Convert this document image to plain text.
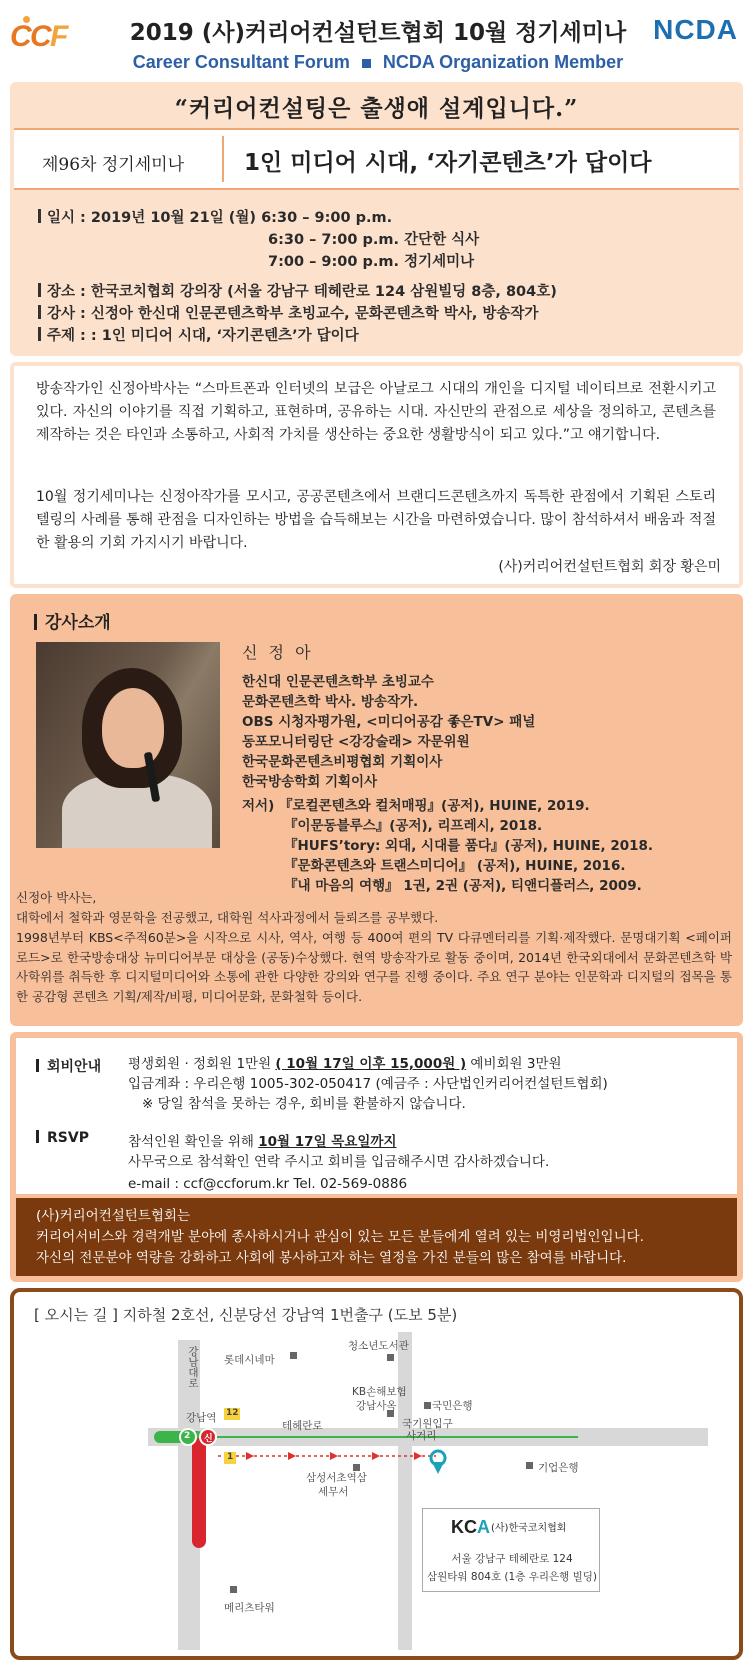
C
C
F	2019 (사)커리어컨설턴트협회 10월 정기세미나 NCDA
Career Consultant Forum NCDA Organization Member
“커리어컨설팅은 출생애 설계입니다.”
제96차 정기세미나	1인 미디어 시대, ‘자기콘텐츠’가 답이다
일시 : 2019년 10월 21일 (월) 6:30 – 9:00 p.m.
6:30 – 7:00 p.m. 간단한 식사
7:00 – 9:00 p.m. 정기세미나
장소 : 한국코치협회 강의장 (서울 강남구 테헤란로 124 삼원빌딩 8층, 804호)
강사 : 신정아 한신대 인문콘텐츠학부 초빙교수, 문화콘텐츠학 박사, 방송작가
주제 : : 1인 미디어 시대, ‘자기콘텐츠’가 답이다

방송작가인 신정아박사는 “스마트폰과 인터넷의 보급은 아날로그 시대의 개인을 디지털 네이티브로 전환시키고 있다. 자신의 이야기를 직접 기획하고, 표현하며, 공유하는 시대. 자신만의 관점으로 세상을 정의하고, 콘텐츠를 제작하는 것은 타인과 소통하고, 사회적 가치를 생산하는 중요한 생활방식이 되고 있다.”고 얘기합니다.

10월 정기세미나는 신정아작가를 모시고, 공공콘텐츠에서 브랜디드콘텐츠까지 독특한 관점에서 기획된 스토리텔링의 사례를 통해 관점을 디자인하는 방법을 습득해보는 시간을 마련하였습니다. 많이 참석하셔서 배움과 적절한 활용의 기회 가지시기 바랍니다.

(사)커리어컨설턴트협회 회장 황은미
강사소개
신 정 아
한신대 인문콘텐츠학부 초빙교수
문화콘텐츠학 박사. 방송작가.
OBS 시청자평가원, <미디어공감 좋은TV> 패널
동포모니터링단 <강강술래> 자문위원
한국문화콘텐츠비평협회 기획이사
한국방송학회 기획이사
저서) 『로컬콘텐츠와 컬처매핑』(공저), HUINE, 2019.
『이문동블루스』(공저), 리프레시, 2018.
『HUFS’tory: 외대, 시대를 품다』(공저), HUINE, 2018.
『문화콘텐츠와 트랜스미디어』 (공저), HUINE, 2016.
『내 마음의 여행』 1권, 2권 (공저), 티앤디플러스, 2009.
신정아 박사는,
대학에서 철학과 영문학을 전공했고, 대학원 석사과정에서 들뢰즈를 공부했다.
1998년부터 KBS<주적60분>을 시작으로 시사, 역사, 여행 등 400여 편의 TV 다큐멘터리를 기획·제작했다. 문명대기획 <페이퍼로드>로 한국방송대상 뉴미디어부문 대상을 (공동)수상했다. 현역 방송작가로 활동 중이며, 2014년 한국외대에서 문화콘텐츠학 박사학위를 취득한 후 디지털미디어와 소통에 관한 다양한 강의와 연구를 진행 중이다. 주요 연구 분야는 인문학과 디지털의 접목을 통한 공감형 콘텐츠 기획/제작/비평, 미디어문화, 문화철학 등이다.
회비안내 평생회원 · 정회원 1만원 ( 10월 17일 이후 15,000원 ) 예비회원 3만원
입금계좌 : 우리은행 1005-302-050417 (예금주 : 사단법인커리어컨설턴트협회)
※ 당일 참석을 못하는 경우, 회비를 환불하지 않습니다.
RSVP	참석인원 확인을 위해 10월 17일 목요일까지
사무국으로 참석확인 연락 주시고 회비를 입금해주시면 감사하겠습니다.
e-mail : ccf@ccforum.kr Tel. 02-569-0886

(사)커리어컨설턴트협회는

커리어서비스와 경력개발 분야에 종사하시거나 관심이 있는 모든 분들에게 열려 있는 비영리법인입니다.

자신의 전문분야 역량을 강화하고 사회에 봉사하고자 하는 열정을 가진 분들의 많은 참여를 바랍니다.

[ 오시는 길 ] 지하철 2호선, 신분당선 강남역 1번출구 (도보 5분)
강남대로 롯데시네마
청소년도서관
KB손해보험
강남사옥	국민은행
강남역 12
2 신
테헤란로	국기원입구
사거리
1
삼성서초역삼
세무서
기업은행
메리츠타워
KCA (사)한국코치협회
서울 강남구 테헤란로 124
삼원타워 804호 (1층 우리은행 빌딩)
